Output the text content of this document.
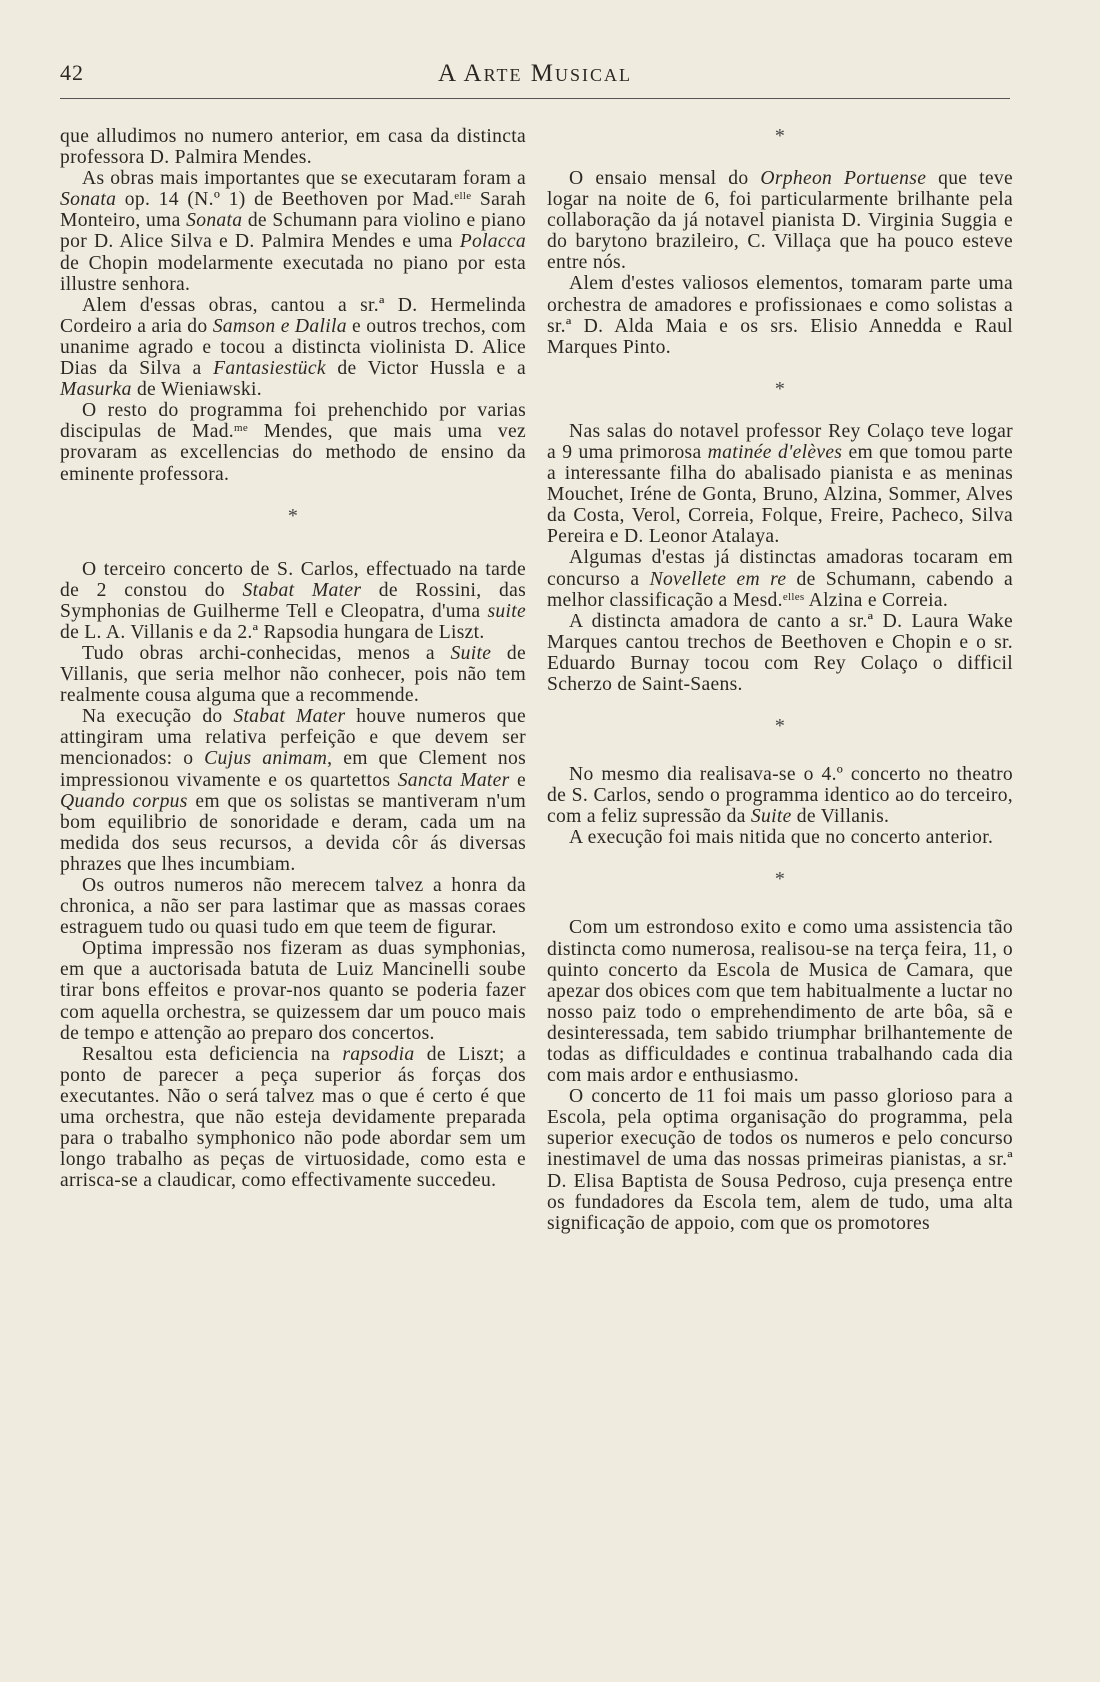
42	A Arte Musical

que alludimos no numero anterior, em casa da distincta professora D. Palmira Mendes.

As obras mais importantes que se executaram foram a Sonata op. 14 (N.º 1) de Beethoven por Mad.$^{elle}$ Sarah Monteiro, uma Sonata de Schumann para violino e piano por D. Alice Silva e D. Palmira Mendes e uma Polacca de Chopin modelarmente executada no piano por esta illustre senhora.

Alem d'essas obras, cantou a sr.ª D. Hermelinda Cordeiro a aria do Samson e Dalila e outros trechos, com unanime agrado e tocou a distincta violinista D. Alice Dias da Silva a Fantasiestück de Victor Hussla e a Masurka de Wieniawski.

O resto do programma foi prehenchido por varias discipulas de Mad.$^{me}$ Mendes, que mais uma vez provaram as excellencias do methodo de ensino da eminente professora.

*

O terceiro concerto de S. Carlos, effectuado na tarde de 2 constou do Stabat Mater de Rossini, das Symphonias de Guilherme Tell e Cleopatra, d'uma suite de L. A. Villanis e da 2.ª Rapsodia hungara de Liszt.

Tudo obras archi-conhecidas, menos a Suite de Villanis, que seria melhor não conhecer, pois não tem realmente cousa alguma que a recommende.

Na execução do Stabat Mater houve numeros que attingiram uma relativa perfeição e que devem ser mencionados: o Cujus animam, em que Clement nos impressionou vivamente e os quartettos Sancta Mater e Quando corpus em que os solistas se mantiveram n'um bom equilibrio de sonoridade e deram, cada um na medida dos seus recursos, a devida côr ás diversas phrazes que lhes incumbiam.

Os outros numeros não merecem talvez a honra da chronica, a não ser para lastimar que as massas coraes estraguem tudo ou quasi tudo em que teem de figurar.

Optima impressão nos fizeram as duas symphonias, em que a auctorisada batuta de Luiz Mancinelli soube tirar bons effeitos e provar-nos quanto se poderia fazer com aquella orchestra, se quizessem dar um pouco mais de tempo e attenção ao preparo dos concertos.

Resaltou esta deficiencia na rapsodia de Liszt; a ponto de parecer a peça superior ás forças dos executantes. Não o será talvez mas o que é certo é que uma orchestra, que não esteja devidamente preparada para o trabalho symphonico não pode abordar sem um longo trabalho as peças de virtuosidade, como esta e arrisca-se a claudicar, como effectivamente succedeu.

*

O ensaio mensal do Orpheon Portuense que teve logar na noite de 6, foi particularmente brilhante pela collaboração da já notavel pianista D. Virginia Suggia e do barytono brazileiro, C. Villaça que ha pouco esteve entre nós.

Alem d'estes valiosos elementos, tomaram parte uma orchestra de amadores e profissionaes e como solistas a sr.ª D. Alda Maia e os srs. Elisio Annedda e Raul Marques Pinto.

*

Nas salas do notavel professor Rey Colaço teve logar a 9 uma primorosa matinée d'elèves em que tomou parte a interessante filha do abalisado pianista e as meninas Mouchet, Iréne de Gonta, Bruno, Alzina, Sommer, Alves da Costa, Verol, Correia, Folque, Freire, Pacheco, Silva Pereira e D. Leonor Atalaya.

Algumas d'estas já distinctas amadoras tocaram em concurso a Novellete em re de Schumann, cabendo a melhor classificação a Mesd.$^{elles}$ Alzina e Correia.

A distincta amadora de canto a sr.ª D. Laura Wake Marques cantou trechos de Beethoven e Chopin e o sr. Eduardo Burnay tocou com Rey Colaço o difficil Scherzo de Saint-Saens.

*

No mesmo dia realisava-se o 4.º concerto no theatro de S. Carlos, sendo o programma identico ao do terceiro, com a feliz supressão da Suite de Villanis.

A execução foi mais nitida que no concerto anterior.

*

Com um estrondoso exito e como uma assistencia tão distincta como numerosa, realisou-se na terça feira, 11, o quinto concerto da Escola de Musica de Camara, que apezar dos obices com que tem habitualmente a luctar no nosso paiz todo o emprehendimento de arte bôa, sã e desinteressada, tem sabido triumphar brilhantemente de todas as difficuldades e continua trabalhando cada dia com mais ardor e enthusiasmo.

O concerto de 11 foi mais um passo glorioso para a Escola, pela optima organisação do programma, pela superior execução de todos os numeros e pelo concurso inestimavel de uma das nossas primeiras pianistas, a sr.ª D. Elisa Baptista de Sousa Pedroso, cuja presença entre os fundadores da Escola tem, alem de tudo, uma alta significação de appoio, com que os promotores
